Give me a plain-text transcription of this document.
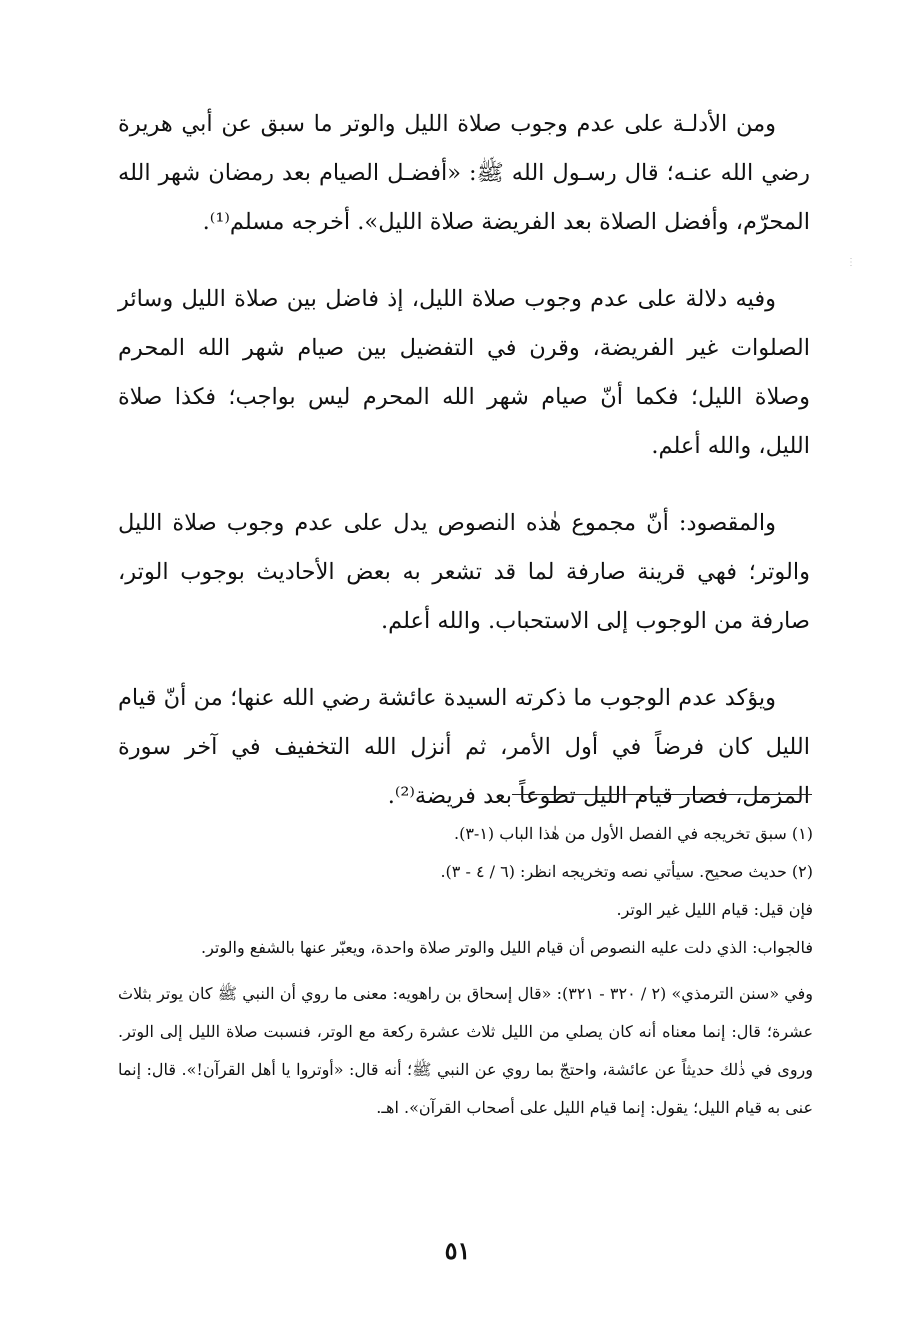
ومن الأدلـة على عدم وجوب صلاة الليل والوتر ما سبق عن أبي هريرة رضي الله عنـه؛ قال رسـول الله ﷺ: «أفضـل الصيام بعد رمضان شهر الله المحرّم، وأفضل الصلاة بعد الفريضة صلاة الليل». أخرجه مسلم⁽¹⁾.

وفيه دلالة على عدم وجوب صلاة الليل، إذ فاضل بين صلاة الليل وسائر الصلوات غير الفريضة، وقرن في التفضيل بين صيام شهر الله المحرم وصلاة الليل؛ فكما أنّ صيام شهر الله المحرم ليس بواجب؛ فكذا صلاة الليل، والله أعلم.

والمقصود: أنّ مجموع هٰذه النصوص يدل على عدم وجوب صلاة الليل والوتر؛ فهي قرينة صارفة لما قد تشعر به بعض الأحاديث بوجوب الوتر، صارفة من الوجوب إلى الاستحباب. والله أعلم.

ويؤكد عدم الوجوب ما ذكرته السيدة عائشة رضي الله عنها؛ من أنّ قيام الليل كان فرضاً في أول الأمر، ثم أنزل الله التخفيف في آخر سورة المزمل، فصار قيام الليل تطوعاً بعد فريضة⁽²⁾.

(١) سبق تخريجه في الفصل الأول من هٰذا الباب (١-٣).

(٢) حديث صحيح. سيأتي نصه وتخريجه انظر: (٦ / ٤ - ٣).

فإن قيل: قيام الليل غير الوتر.

فالجواب: الذي دلت عليه النصوص أن قيام الليل والوتر صلاة واحدة، ويعبّر عنها بالشفع والوتر.

وفي «سنن الترمذي» (٢ / ٣٢٠ - ٣٢١): «قال إسحاق بن راهويه: معنى ما روي أن النبي ﷺ كان يوتر بثلاث عشرة؛ قال: إنما معناه أنه كان يصلي من الليل ثلاث عشرة ركعة مع الوتر، فنسبت صلاة الليل إلى الوتر. وروى في ذٰلك حديثاً عن عائشة، واحتجّ بما روي عن النبي ﷺ؛ أنه قال: «أوتروا يا أهل القرآن!». قال: إنما عنى به قيام الليل؛ يقول: إنما قيام الليل على أصحاب القرآن». اهـ.

٥١
⋮
